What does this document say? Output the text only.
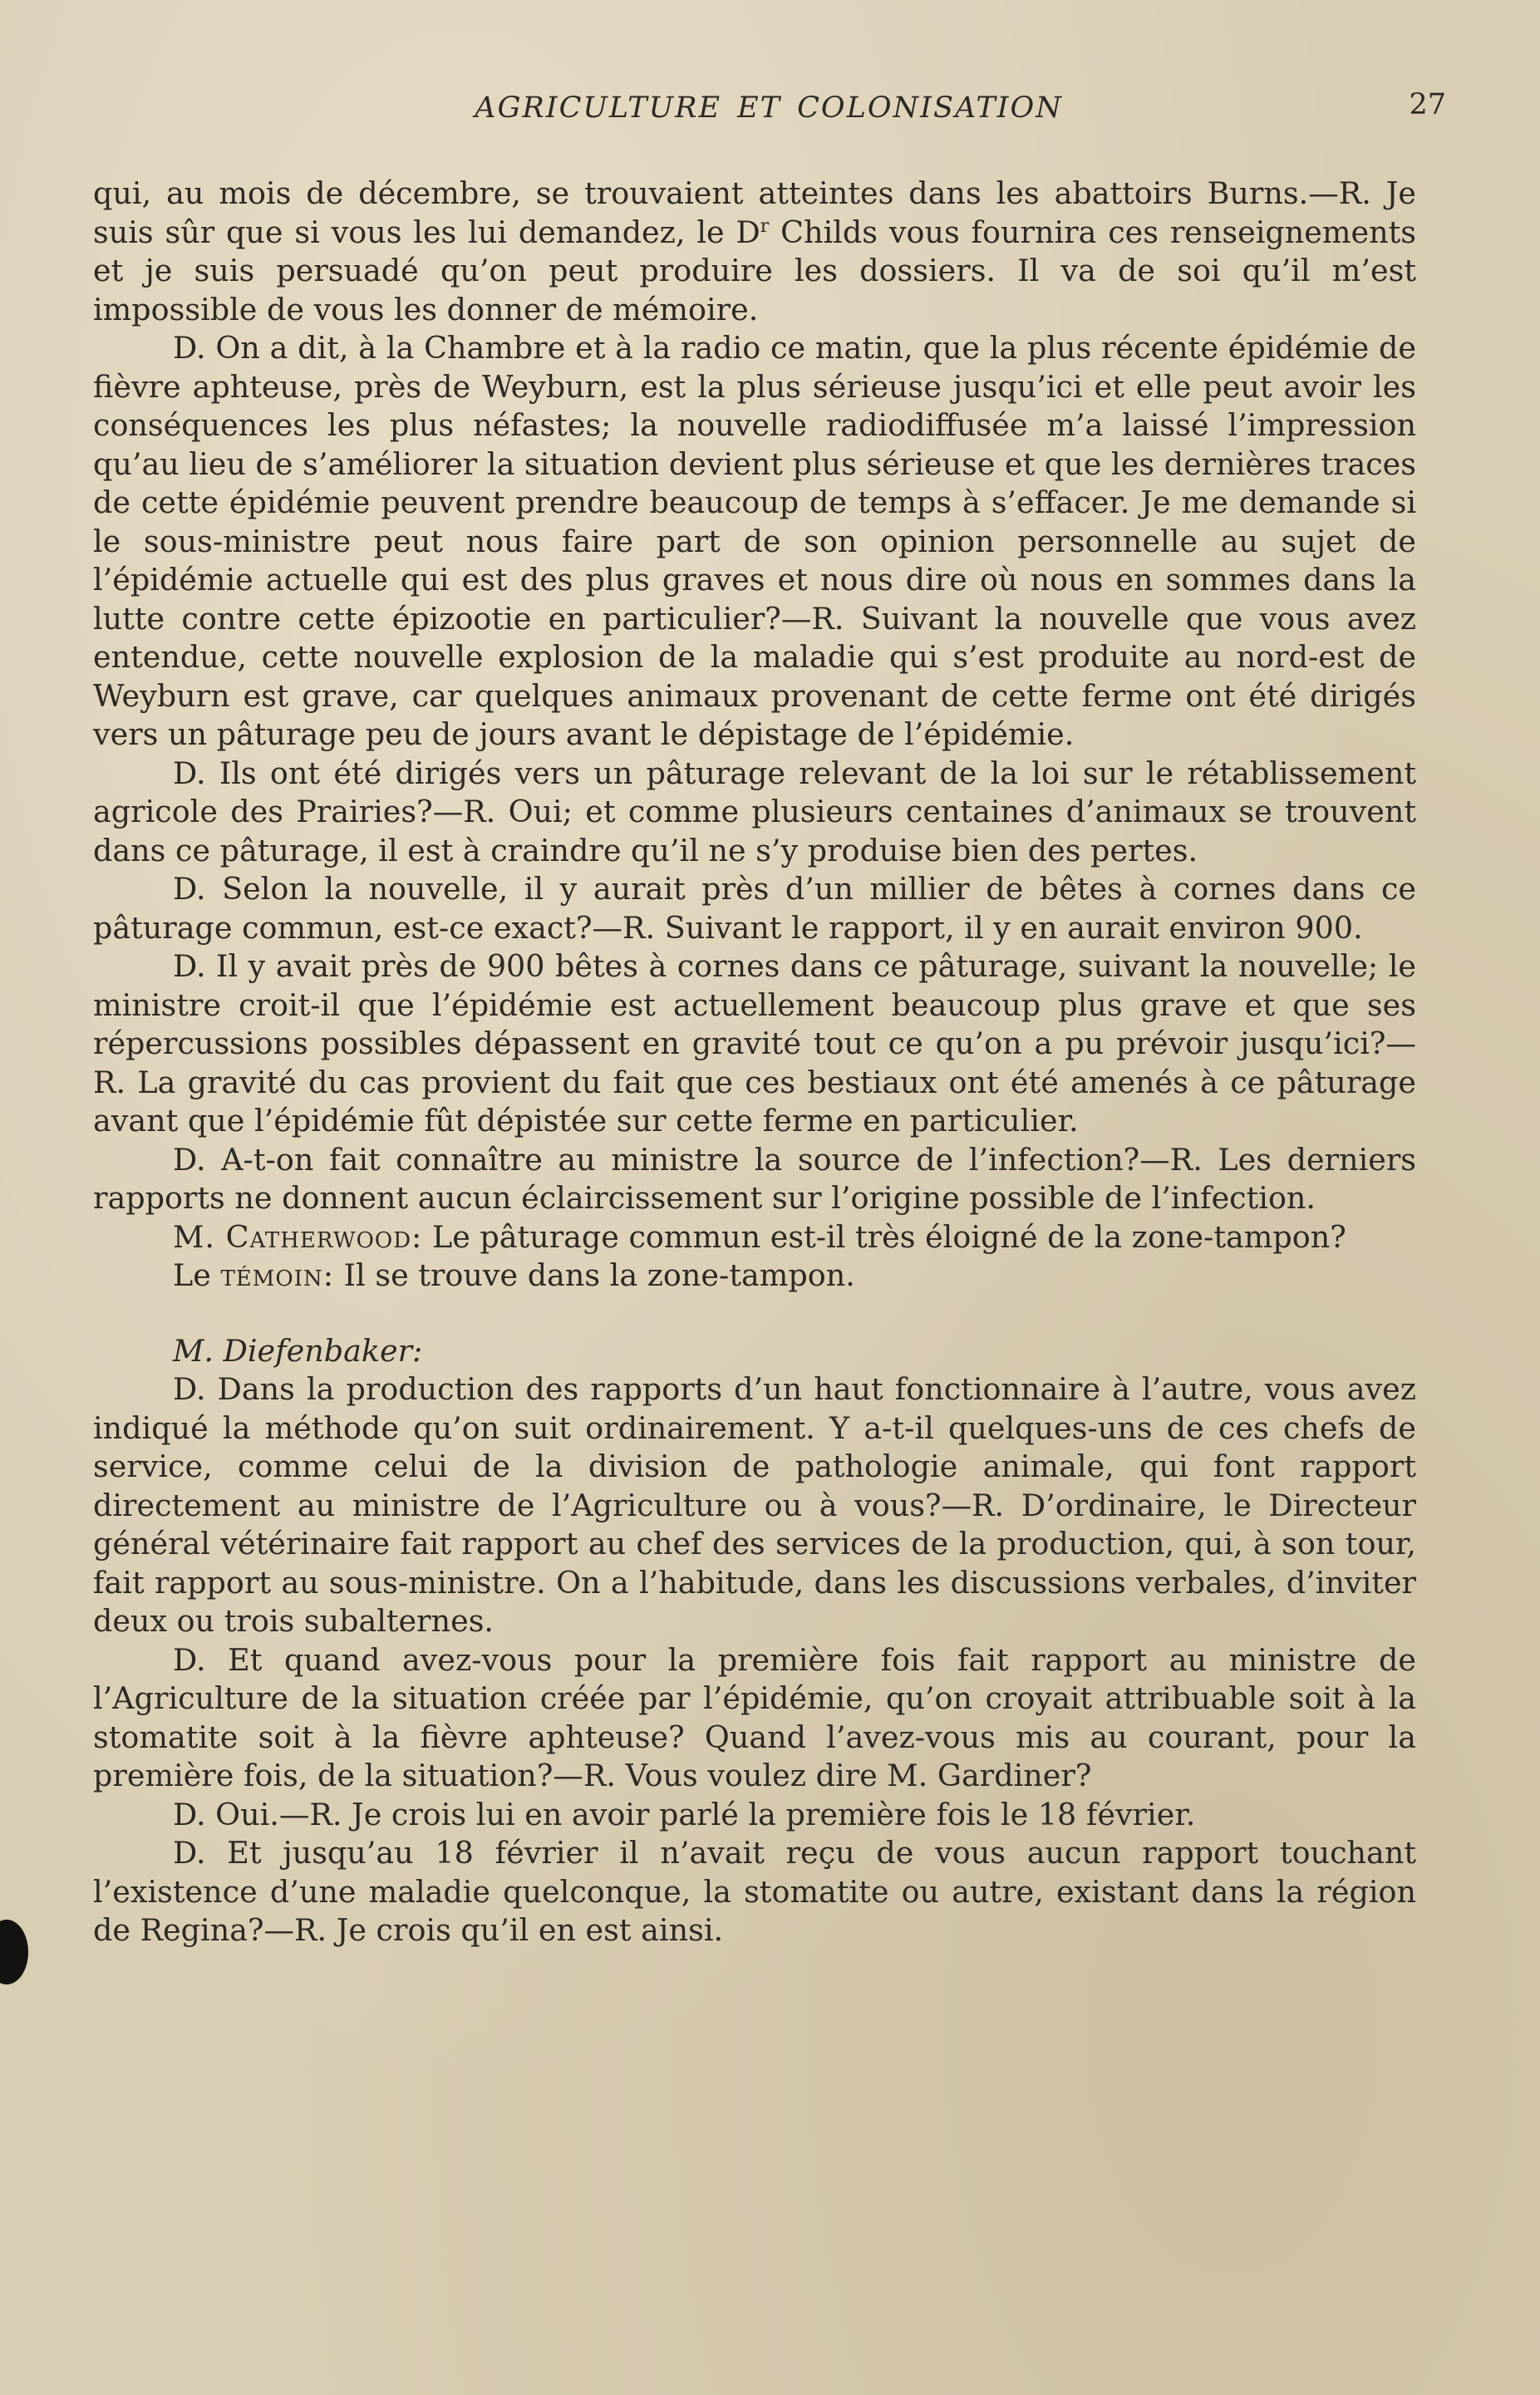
AGRICULTURE ET COLONISATION	27

qui, au mois de décembre, se trouvaient atteintes dans les abattoirs Burns.—R. Je suis sûr que si vous les lui demandez, le $D^r$ Childs vous fournira ces renseignements et je suis persuadé qu’on peut produire les dossiers. Il va de soi qu’il m’est impossible de vous les donner de mémoire.

D. On a dit, à la Chambre et à la radio ce matin, que la plus récente épidémie de fièvre aphteuse, près de Weyburn, est la plus sérieuse jusqu’ici et elle peut avoir les conséquences les plus néfastes; la nouvelle radiodiffusée m’a laissé l’impression qu’au lieu de s’améliorer la situation devient plus sérieuse et que les dernières traces de cette épidémie peuvent prendre beaucoup de temps à s’effacer. Je me demande si le sous-ministre peut nous faire part de son opinion personnelle au sujet de l’épidémie actuelle qui est des plus graves et nous dire où nous en sommes dans la lutte contre cette épizootie en particulier?—R. Suivant la nouvelle que vous avez entendue, cette nouvelle explosion de la maladie qui s’est produite au nord-est de Weyburn est grave, car quelques animaux provenant de cette ferme ont été dirigés vers un pâturage peu de jours avant le dépistage de l’épidémie.

D. Ils ont été dirigés vers un pâturage relevant de la loi sur le rétablissement agricole des Prairies?—R. Oui; et comme plusieurs centaines d’animaux se trouvent dans ce pâturage, il est à craindre qu’il ne s’y produise bien des pertes.

D. Selon la nouvelle, il y aurait près d’un millier de bêtes à cornes dans ce pâturage commun, est-ce exact?—R. Suivant le rapport, il y en aurait environ 900.

D. Il y avait près de 900 bêtes à cornes dans ce pâturage, suivant la nouvelle; le ministre croit-il que l’épidémie est actuellement beaucoup plus grave et que ses répercussions possibles dépassent en gravité tout ce qu’on a pu prévoir jusqu’ici?—R. La gravité du cas provient du fait que ces bestiaux ont été amenés à ce pâturage avant que l’épidémie fût dépistée sur cette ferme en particulier.

D. A-t-on fait connaître au ministre la source de l’infection?—R. Les derniers rapports ne donnent aucun éclaircissement sur l’origine possible de l’infection.

M. Catherwood: Le pâturage commun est-il très éloigné de la zone-tampon?

Le témoin: Il se trouve dans la zone-tampon.

M. Diefenbaker:

D. Dans la production des rapports d’un haut fonctionnaire à l’autre, vous avez indiqué la méthode qu’on suit ordinairement. Y a-t-il quelques-uns de ces chefs de service, comme celui de la division de pathologie animale, qui font rapport directement au ministre de l’Agriculture ou à vous?—R. D’ordinaire, le Directeur général vétérinaire fait rapport au chef des services de la production, qui, à son tour, fait rapport au sous-ministre. On a l’habitude, dans les discussions verbales, d’inviter deux ou trois subalternes.

D. Et quand avez-vous pour la première fois fait rapport au ministre de l’Agriculture de la situation créée par l’épidémie, qu’on croyait attribuable soit à la stomatite soit à la fièvre aphteuse? Quand l’avez-vous mis au courant, pour la première fois, de la situation?—R. Vous voulez dire M. Gardiner?

D. Oui.—R. Je crois lui en avoir parlé la première fois le 18 février.

D. Et jusqu’au 18 février il n’avait reçu de vous aucun rapport touchant l’existence d’une maladie quelconque, la stomatite ou autre, existant dans la région de Regina?—R. Je crois qu’il en est ainsi.
